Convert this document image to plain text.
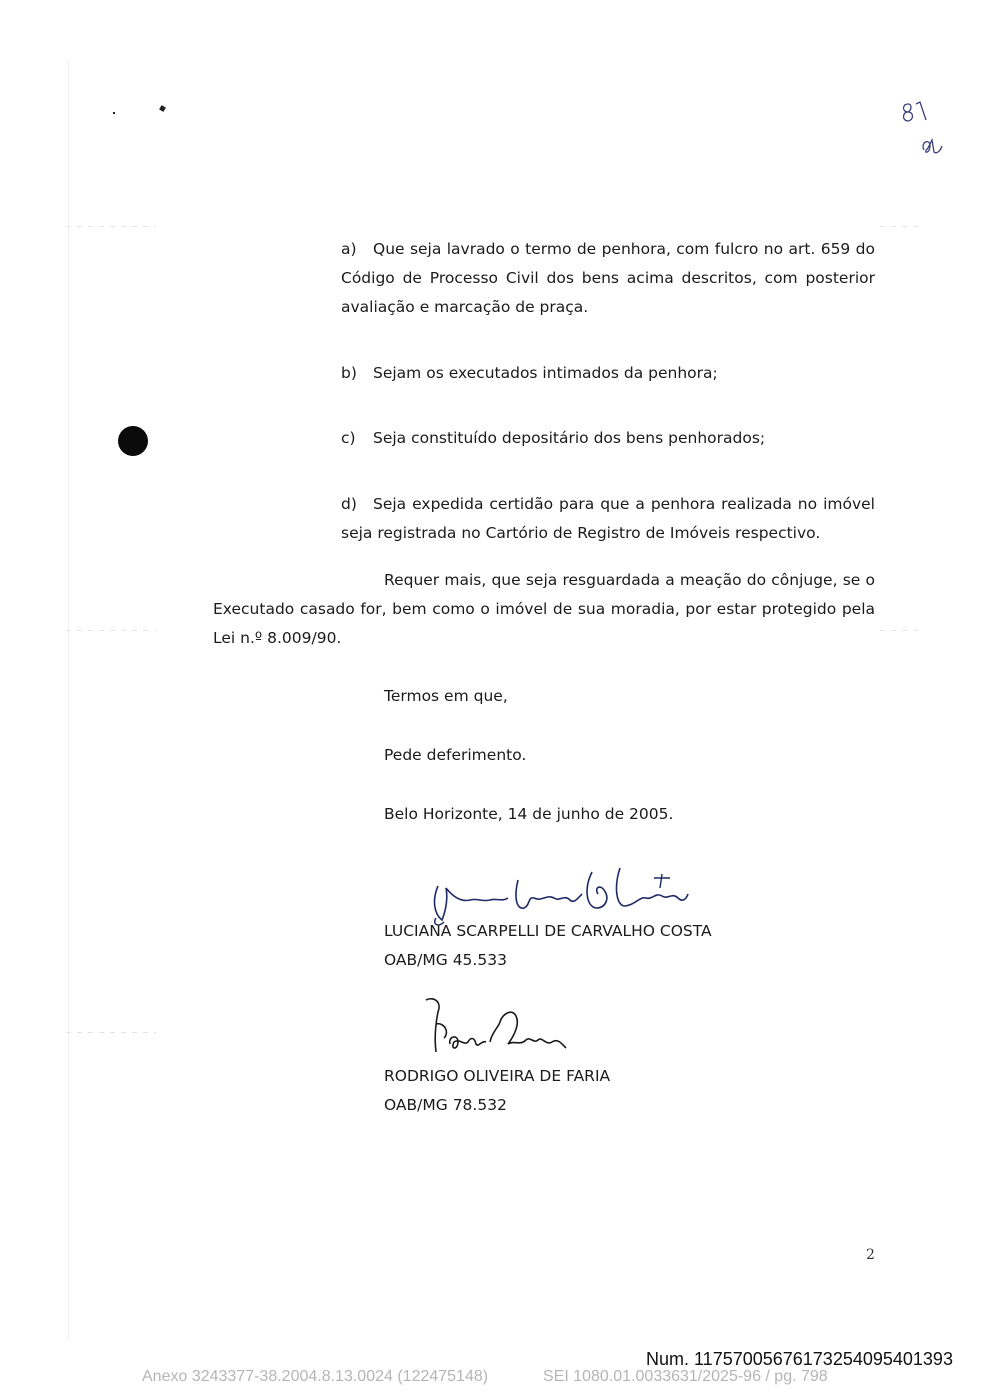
a) Que seja lavrado o termo de penhora, com fulcro no art. 659 do
Código de Processo Civil dos bens acima descritos, com posterior
avaliação e marcação de praça.
b) Sejam os executados intimados da penhora;
c) Seja constituído depositário dos bens penhorados;
d) Seja expedida certidão para que a penhora realizada no imóvel
seja registrada no Cartório de Registro de Imóveis respectivo.
Requer mais, que seja resguardada a meação do cônjuge, se o
Executado casado for, bem como o imóvel de sua moradia, por estar protegido pela
Lei n.º 8.009/90.
Termos em que,
Pede deferimento.
Belo Horizonte, 14 de junho de 2005.
LUCIANA SCARPELLI DE CARVALHO COSTA
OAB/MG 45.533
RODRIGO OLIVEIRA DE FARIA
OAB/MG 78.532
2
Num. 11757005676173254095401393
Anexo 3243377-38.2004.8.13.0024 (122475148)	SEI 1080.01.0033631/2025-96 / pg. 798
